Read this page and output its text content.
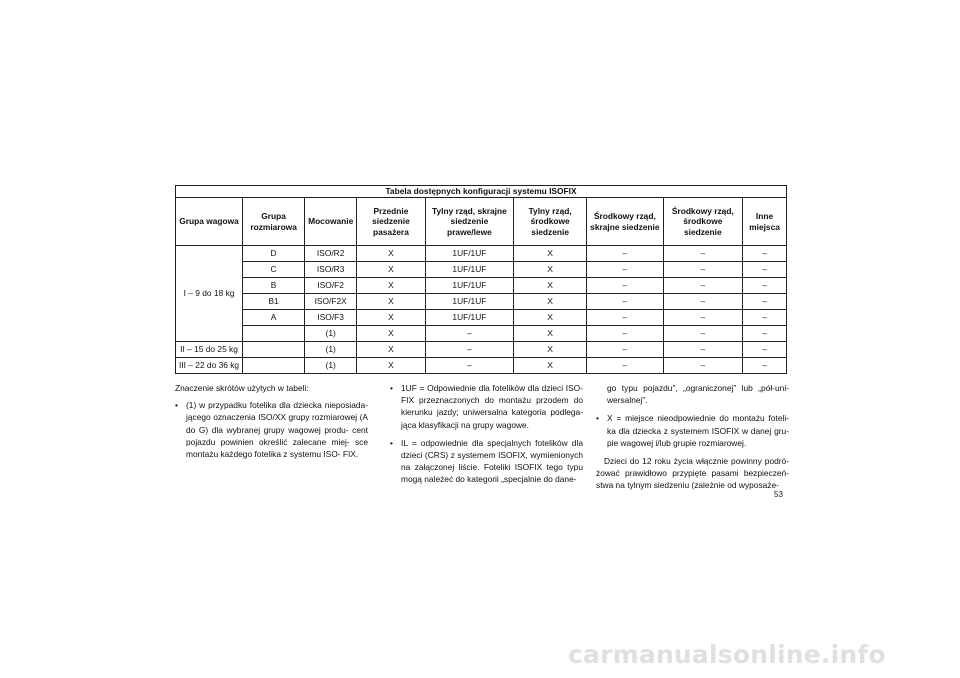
Tabela dostępnych konfiguracji systemu ISOFIX								
Grupa wagowa	Grupa rozmiarowa	Mocowanie	Przednie siedzenie pasażera	Tylny rząd, skrajne siedzenie prawe/lewe	Tylny rząd, środkowe siedzenie	Środkowy rząd, skrajne siedzenie	Środkowy rząd, środkowe siedzenie	Inne miejsca
I – 9 do 18 kg	D	ISO/R2	X	1UF/1UF	X	–	–	–
	C	ISO/R3	X	1UF/1UF	X	–	–	–
	B	ISO/F2	X	1UF/1UF	X	–	–	–
	B1	ISO/F2X	X	1UF/1UF	X	–	–	–
	A	ISO/F3	X	1UF/1UF	X	–	–	–
		(1)	X	–	X	–	–	–
II – 15 do 25 kg		(1)	X	–	X	–	–	–
III – 22 do 36 kg		(1)	X	–	X	–	–	–

Znaczenie skrótów użytych w tabeli:

• (1) w przypadku fotelika dla dziecka nieposiada- jącego oznaczenia ISO/XX grupy rozmiarowej (A do G) dla wybranej grupy wagowej produ- cent pojazdu powinien określić zalecane miej- sce montażu każdego fotelika z systemu ISO- FIX.
• 1UF = Odpowiednie dla fotelików dla dzieci ISO- FIX przeznaczonych do montażu przodem do kierunku jazdy; uniwersalna kategoria podlega- jąca klasyfikacji na grupy wagowe.
• IL = odpowiednie dla specjalnych fotelików dla dzieci (CRS) z systemem ISOFIX, wymienionych na załączonej liście. Foteliki ISOFIX tego typu mogą należeć do kategorii „specjalnie do dane-

go typu pojazdu”, „ograniczonej” lub „pół-uni- wersalnej”.

• X = miejsce nieodpowiednie do montażu foteli- ka dla dziecka z systemem ISOFIX w danej gru- pie wagowej i/lub grupie rozmiarowej.

Dzieci do 12 roku życia włącznie powinny podró- żować prawidłowo przypięte pasami bezpieczeń- stwa na tylnym siedzeniu (zależnie od wyposaże-

53
carmanualsonline.info
